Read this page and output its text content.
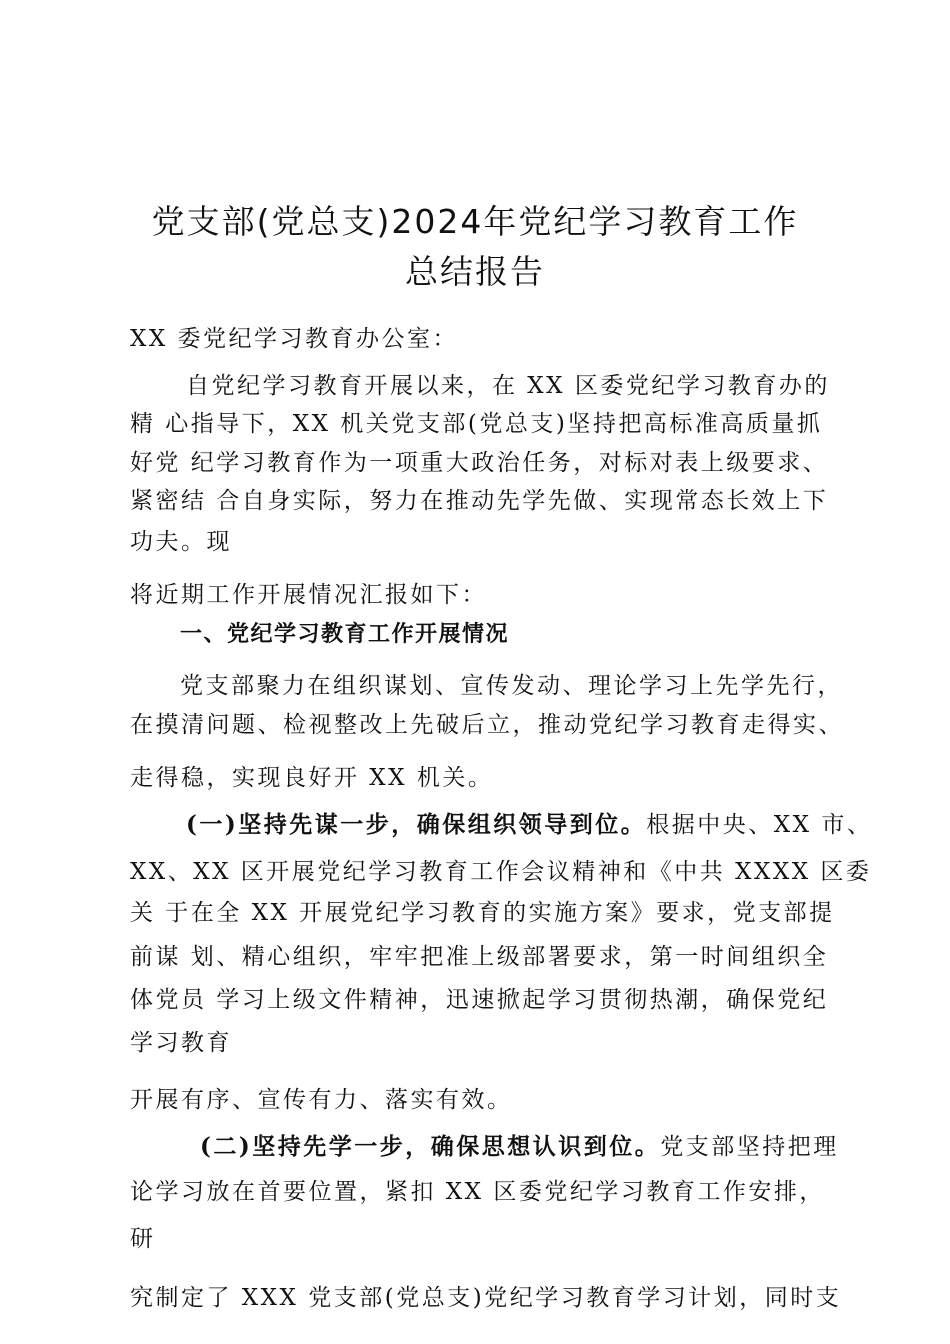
党支部(党总支)2024年党纪学习教育工作
总结报告
XX 委党纪学习教育办公室：
自党纪学习教育开展以来，在 XX 区委党纪学习教育办的
精 心指导下，XX 机关党支部(党总支)坚持把高标准高质量抓
好党 纪学习教育作为一项重大政治任务，对标对表上级要求、
紧密结 合自身实际，努力在推动先学先做、实现常态长效上下
功夫。现
将近期工作开展情况汇报如下：
一、党纪学习教育工作开展情况
党支部聚力在组织谋划、宣传发动、理论学习上先学先行，
在摸清问题、检视整改上先破后立，推动党纪学习教育走得实、
走得稳，实现良好开 XX 机关。
(一)坚持先谋一步，确保组织领导到位。根据中央、XX 市、
XX、XX 区开展党纪学习教育工作会议精神和《中共 XXXX 区委
关 于在全 XX 开展党纪学习教育的实施方案》要求，党支部提
前谋 划、精心组织，牢牢把准上级部署要求，第一时间组织全
体党员 学习上级文件精神，迅速掀起学习贯彻热潮，确保党纪
学习教育
开展有序、宣传有力、落实有效。
(二)坚持先学一步，确保思想认识到位。党支部坚持把理
论学习放在首要位置，紧扣 XX 区委党纪学习教育工作安排，
研
究制定了 XXX 党支部(党总支)党纪学习教育学习计划，同时支
